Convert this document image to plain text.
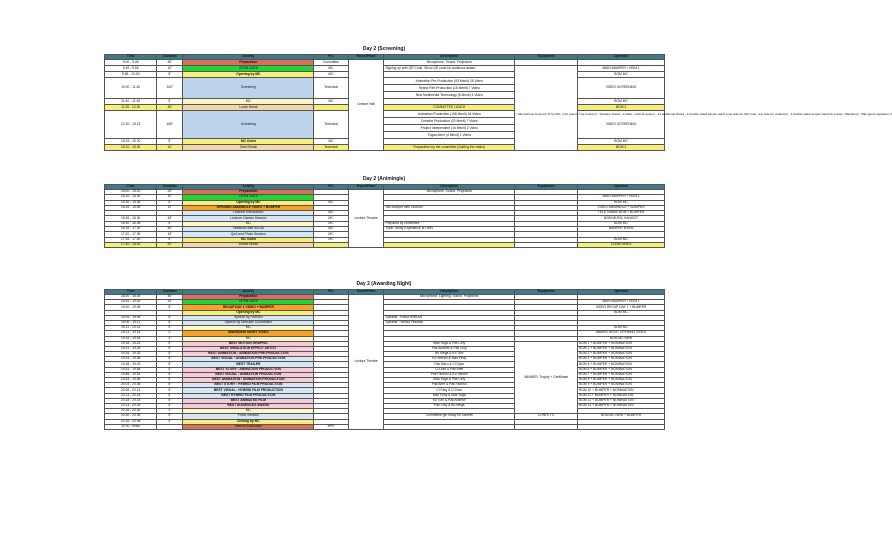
Day 2 (Screening)
Time	Duration	Activity	PIC	Room/Place	Description	Equipment	Operator
9.00 - 9.45	45"	Preparation	Committee	Lecture Hall	Microphone, Sound, Projectors		
9.45 - 9.55	10"	OPEN GATE	MC		Signing up with QR Code, Show QR code for audience award	- Microphone 6 pieces (2 for MC, 2 for guest, 2 for lecturer) - Speaker Stand - 2 table - sofa (8 seater) - 12 additional chairs - 2 double sided acrylic stand (one side for QR code, one side for rundown) - 3 double sided acrylic stand for poster - Backdrop - Mini guest speakers: 5	MAIN BUMPER + BGM 1
9.55 - 10.00	5"	Opening by MC	MC				BGM MC
10.00 - 11.40	100"	Screening	Technical		Animation Pre-Production (53 Menit) 25 Video
Hybrid Film Production (15 Menit) 7 Video
New Multimedia Technology (8 Menit) 4 Video		VIDEO SCREENING
11.40 - 11.45	5"	MC	MC				BGM MC
11.45 - 12.30	45"	Lunch Break			COMMITTEE LUNCH		BGM 2
12.30 - 15.15	165"	Screening	Technical		Animation Production (108 Menit) 16 Video
Creative Production (20 Menit) 7 Video
Project Independent (16 Menit) 2 Video
Tugas Akhir (4 Menit) 1 Video		VIDEO SCREENING
15.15 - 15.20	5"	MC Outro	MC				BGM MC
15.20 - 15.30	10"	Short Break	Technical		Preparation by the committee (Adding the chairs)		BGM 2
Day 2 (Animingle)
Time	Duration	Activity	PIC	Room/Place	Description	Equipment	Operator
15.00 - 15.20	20"	Preparation		Lecture Theatre	Microphone, Sound, Projectors		
15.20 - 15.30	10"	OPEN GATE					MAIN BUMPER + BGM 1
15.30 - 15.35	5"	Opening by MC	MC				BGM MC
15.35 - 15.45	10"	OPENING ANIMINGLE VIDEO + BUMPER			Still Bumper with Lecturer		VIDEO ANIMINGLE + BUMPER
		Lecturer Introduction	MC				TELETUBBIS BGM + BUMPER
15.45 - 16.30	45"	Lecturer Games Session	MC				BGM MUSIC KAHOOT
16.30 - 16.35	5"	MC	MC		Prepared by committee		BGM MC
16.35 - 17.20	45"	Talkshow with IKIGAI	MC		Topic: Study Experience at UMN		BUMPER IKIGAI
17.20 - 17.35	15"	QnA and Photo Session	MC				
17.35 - 17.40	5"	MC Outro	MC				BGM MC
17.40 - 18.00	20"	Dinner Break					CLEAR AREA
Day 2 (Awarding Night)
Time	Duration	Activity	PIC	Room/Place	Description	Equipment	Operator
18.00 - 18.45	45"	Preparation		Lecture Theatre	Microphone, Lighting, Sound, Projectors		
18.45 - 19.00	15"	OPEN GATE					MAIN BUMPER + BGM 1
19.00 - 19.05	5"	RECAP DAY 1 VIDEO + BUMPER					VIDEO RECAP DAY 1 + BUMPER
		Opening by MC					BGM MC
19.05 - 19.06	5"	Speech by HMRAN			Speaker : Ketua HMRAN		
19.06 - 19.11	5"	Speech by Direcsec Coordinator			Speaker : Velicia Yesnata		
19.11 - 19.13	4"	MC					BGM MC
19.13 - 19.15	2"	AWARDING NIGHT VIDEO					AWARD NIGHT OPENING VIDEO
19.15 - 19.18	3"	MC					BGM MC NEW
19.18 - 19.23	5"	BEST MOTION GRAPHIC			Mas Yoga & Pak Ciny	WINNER: Trophy + Certificate	BGM 1 + BUMPER + NOMINATION
19.23 - 19.28	5"	BEST SIMULATION EFFECT ARTIST			Pak Andrew & Pak Ciny		BGM 2 + BUMPER + NOMINATION
19.28 - 19.33	5"	BEST ANIMATION : ANIMATION PRE-PRODUCTION			Bu Mega & Ko Toni		BGM 3 + BUMPER + NOMINATION
19.33 - 19.38	5"	BEST VISUAL : ANIMATION PRE-PRODUCTION			Ko Steven & Mas Firdy		BGM 4 + BUMPER + NOMINATION
19.38 - 19.43	5"	BEST TRAILER			Pak Meru & Cl Dyan		BGM 5 + BUMPER + NOMINATION
19.43 - 19.48	5"	BEST STORY : ANIMATION PRODUCTION			Cl Doni & Pak Arief		BGM 6 + BUMPER + NOMINATION
19.48 - 19.53	5"	BEST VISUAL : ANIMATION PRODUCTION			Pak Fachrul & Ko Steven		BGM 7 + BUMPER + NOMINATION
19.53 - 19.58	5"	BEST ANIMATION : ANIMATION PRODUCTION			Mas Yoga & Pak Ciny		BGM 8 + BUMPER + NOMINATION
20.03 - 20.08	5"	BEST STORY : HYBRID FILM PRODUCTION			Pak Arief & Pak Fachrul		BGM 9 + BUMPER + NOMINATION
20.08 - 20.13	5"	BEST VISUAL : HYBRID FILM PRODUCTION			Cl Fitrg & Cl Doni		BGM 10 + BUMPER + NOMINATION
20.13 - 20.18	5"	BEST HYBRID FILM PRODUCTION			Mas Firdy & Mas Yoga		BGM 11 + BUMPER + NOMINATION
20.18 - 20.23	5"	BEST ANIMATED FILM			Ko Toni & Pak Andrew		BGM 12 + BUMPER + NOMINATION
20.23 - 20.28	5"	BEST AUDIENCES AWARD			Pak Ciny & Bu Mega		BGM 13 + BUMPER + NOMINATION
20.28 - 20.30	2"	MC					
20.30 - 20.35	5"	Photo Session			Committee get ready for confetti	CONFETTI	BGM MC NEW + BUMPER
20.35 - 20.38	3"	Closing by MC					
20.40 - finish	-	Internal Evaluation	BPH				
